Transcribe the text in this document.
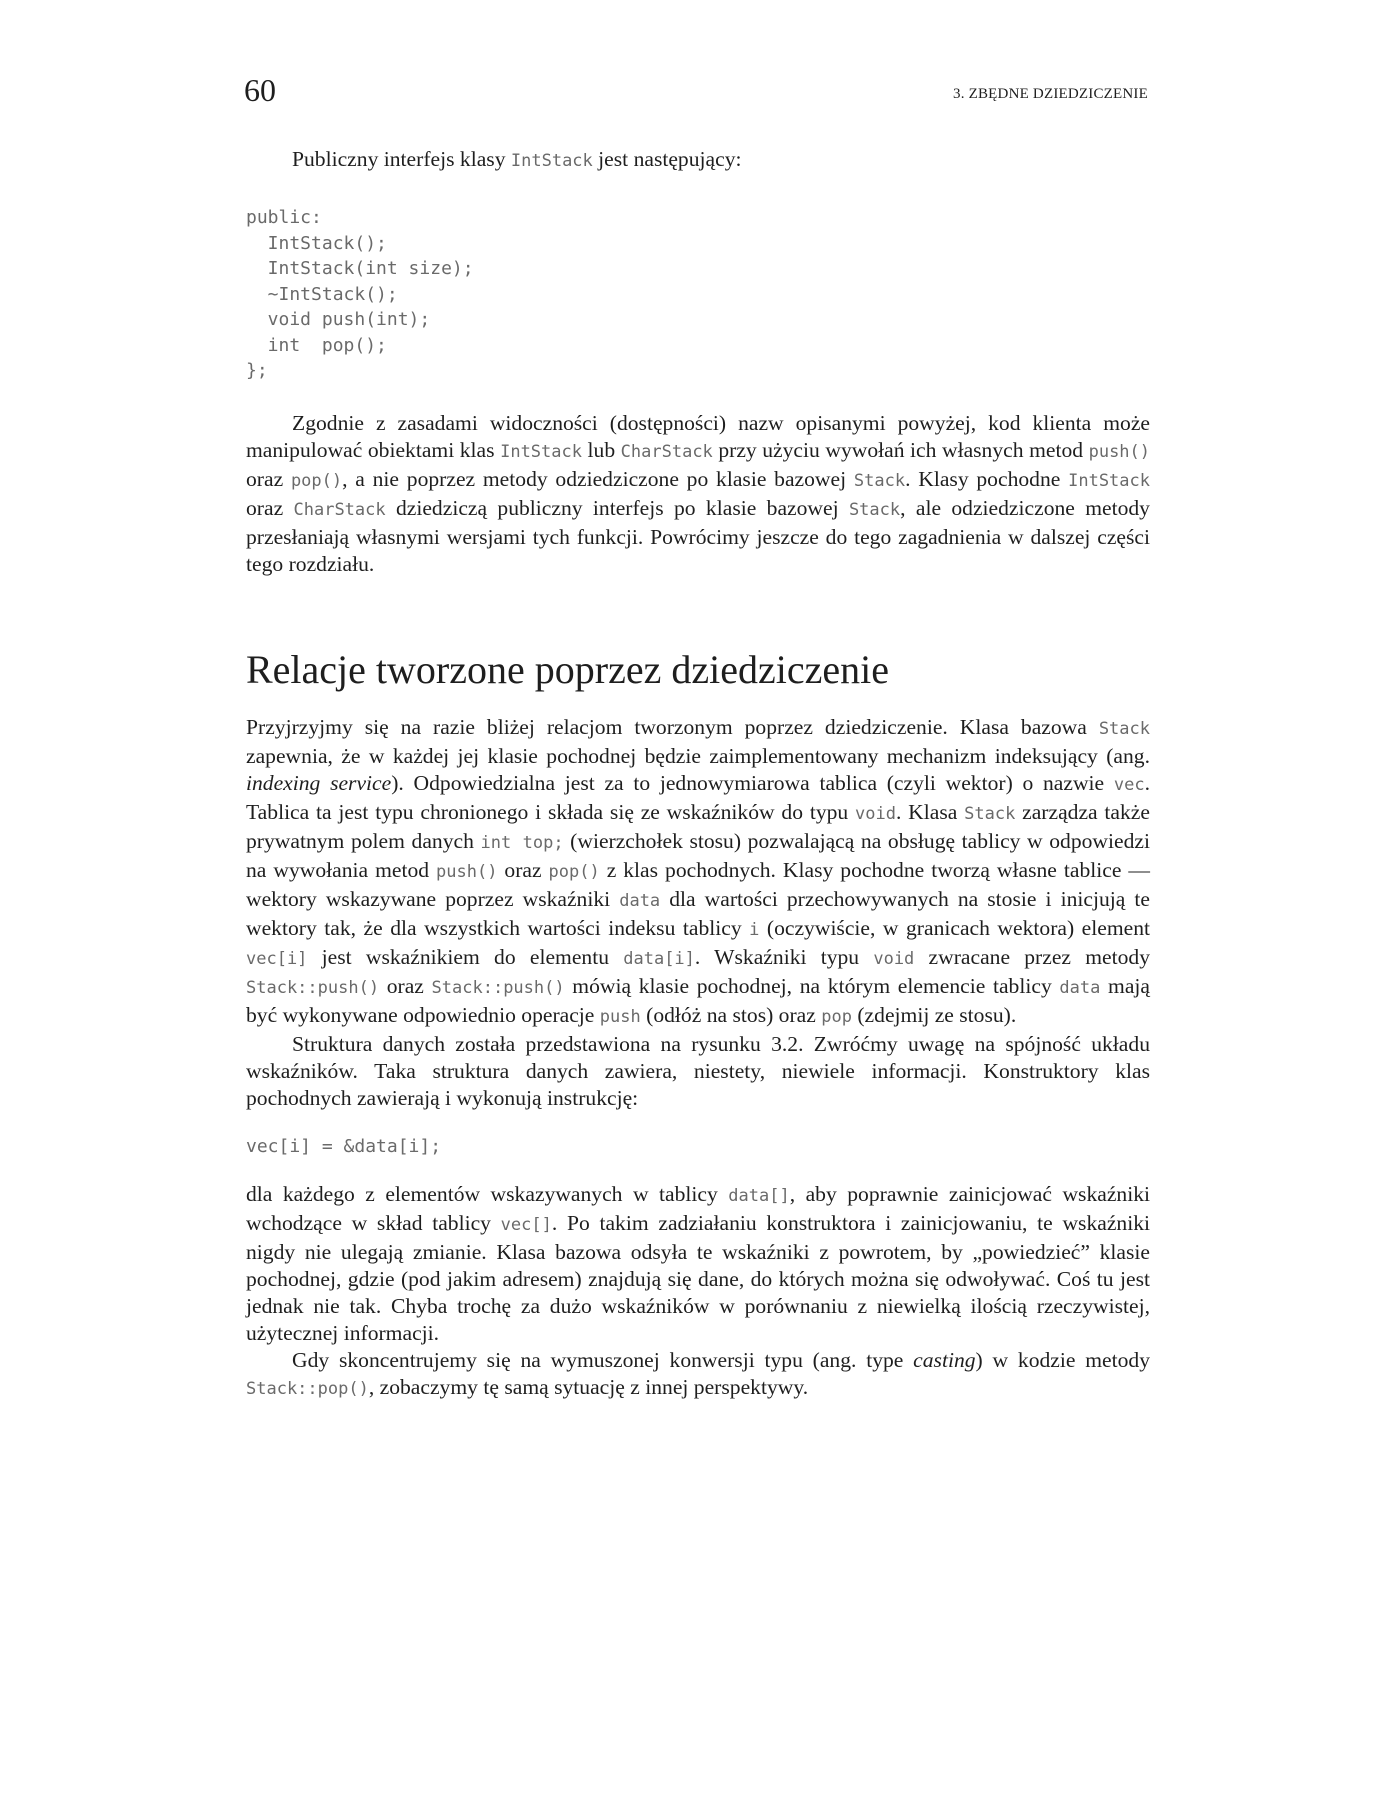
60	3. ZBĘDNE DZIEDZICZENIE

Publiczny interfejs klasy IntStack jest następujący:

public:
IntStack();
IntStack(int size);
~IntStack();
void push(int);
int  pop();
};

Zgodnie z zasadami widoczności (dostępności) nazw opisanymi powyżej, kod klienta może manipulować obiektami klas IntStack lub CharStack przy użyciu wywołań ich własnych metod push() oraz pop(), a nie poprzez metody odziedziczone po klasie bazowej Stack. Klasy pochodne IntStack oraz CharStack dziedziczą publiczny interfejs po klasie bazowej Stack, ale odziedziczone metody przesłaniają własnymi wersjami tych funkcji. Powrócimy jeszcze do tego zagadnienia w dalszej części tego rozdziału.

Relacje tworzone poprzez dziedziczenie

Przyjrzyjmy się na razie bliżej relacjom tworzonym poprzez dziedziczenie. Klasa bazowa Stack zapewnia, że w każdej jej klasie pochodnej będzie zaimplementowany mechanizm indeksujący (ang. indexing service). Odpowiedzialna jest za to jednowymiarowa tablica (czyli wektor) o nazwie vec. Tablica ta jest typu chronionego i składa się ze wskaźników do typu void. Klasa Stack zarządza także prywatnym polem danych int top; (wierzchołek stosu) pozwalającą na obsługę tablicy w odpowiedzi na wywołania metod push() oraz pop() z klas pochodnych. Klasy pochodne tworzą własne tablice — wektory wskazywane poprzez wskaźniki data dla wartości przechowywanych na stosie i inicjują te wektory tak, że dla wszystkich wartości indeksu tablicy i (oczywiście, w granicach wektora) element vec[i] jest wskaźnikiem do elementu data[i]. Wskaźniki typu void zwracane przez metody Stack::push() oraz Stack::push() mówią klasie pochodnej, na którym elemencie tablicy data mają być wykonywane odpowiednio operacje push (odłóż na stos) oraz pop (zdejmij ze stosu).

Struktura danych została przedstawiona na rysunku 3.2. Zwróćmy uwagę na spójność układu wskaźników. Taka struktura danych zawiera, niestety, niewiele informacji. Konstruktory klas pochodnych zawierają i wykonują instrukcję:

vec[i] = &data[i];

dla każdego z elementów wskazywanych w tablicy data[], aby poprawnie zainicjować wskaźniki wchodzące w skład tablicy vec[]. Po takim zadziałaniu konstruktora i zainicjowaniu, te wskaźniki nigdy nie ulegają zmianie. Klasa bazowa odsyła te wskaźniki z powrotem, by „powiedzieć” klasie pochodnej, gdzie (pod jakim adresem) znajdują się dane, do których można się odwoływać. Coś tu jest jednak nie tak. Chyba trochę za dużo wskaźników w porównaniu z niewielką ilością rzeczywistej, użytecznej informacji.

Gdy skoncentrujemy się na wymuszonej konwersji typu (ang. type casting) w kodzie metody Stack::pop(), zobaczymy tę samą sytuację z innej perspektywy.
